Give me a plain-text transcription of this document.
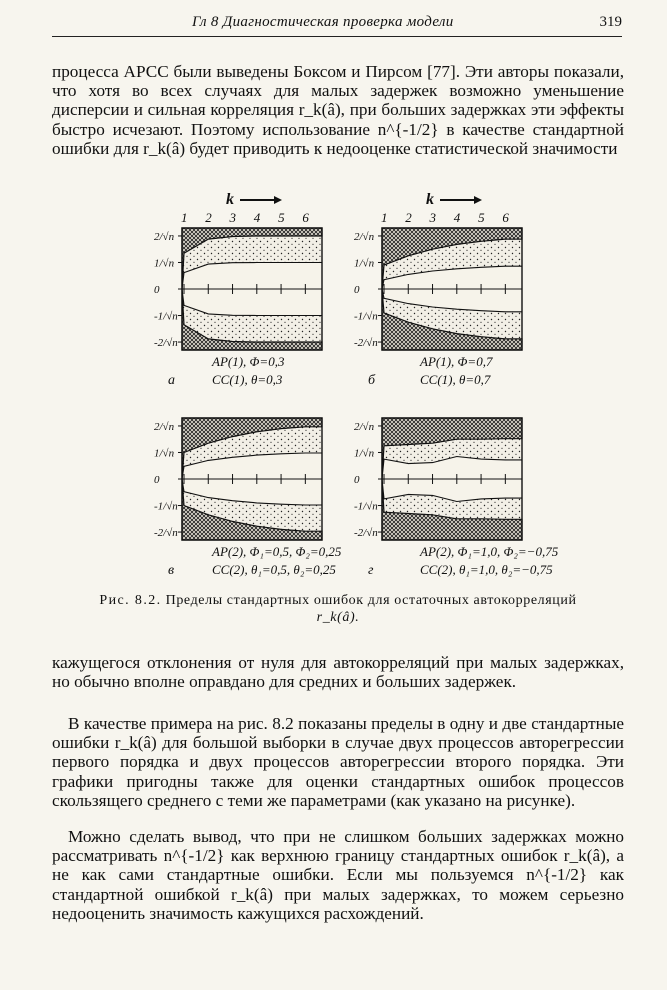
Гл 8 Диагностическая проверка модели	319

процесса АРСС были выведены Боксом и Пирсом [77]. Эти авторы показали, что хотя во всех случаях для малых задержек возможно уменьшение дисперсии и сильная корреляция r_k(â), при больших задержках эти эффекты быстро исчезают. Поэтому использование n^{-1/2} в качестве стандартной ошибки для r_k(â) будет приводить к недооценке статистической значимости

2/√n
1/√n
0
-1/√n
-2/√n
1 2 3 4 5 6
k
АР(1), Φ=0,3
СС(1), θ=0,3
а
2/√n
1/√n
0
-1/√n
-2/√n
1 2 3 4 5 6
k
АР(1), Φ=0,7
СС(1), θ=0,7
б
2/√n
1/√n
0
-1/√n
-2/√n
АР(2), Φ₁=0,5, Φ₂=0,25
СС(2), θ₁=0,5, θ₂=0,25
в
2/√n
1/√n
0
-1/√n
-2/√n
АР(2), Φ₁=1,0, Φ₂=−0,75
СС(2), θ₁=1,0, θ₂=−0,75
г
Рис. 8.2. Пределы стандартных ошибок для остаточных автокорреляций
r_k(â).

кажущегося отклонения от нуля для автокорреляций при малых задержках, но обычно вполне оправдано для средних и больших задержек.

В качестве примера на рис. 8.2 показаны пределы в одну и две стандартные ошибки r_k(â) для большой выборки в случае двух процессов авторегрессии первого порядка и двух процессов авторегрессии второго порядка. Эти графики пригодны также для оценки стандартных ошибок процессов скользящего среднего с теми же параметрами (как указано на рисунке).

Можно сделать вывод, что при не слишком больших задержках можно рассматривать n^{-1/2} как верхнюю границу стандартных ошибок r_k(â), а не как сами стандартные ошибки. Если мы пользуемся n^{-1/2} как стандартной ошибкой r_k(â) при малых задержках, то можем серьезно недооценить значимость кажущихся расхождений.
